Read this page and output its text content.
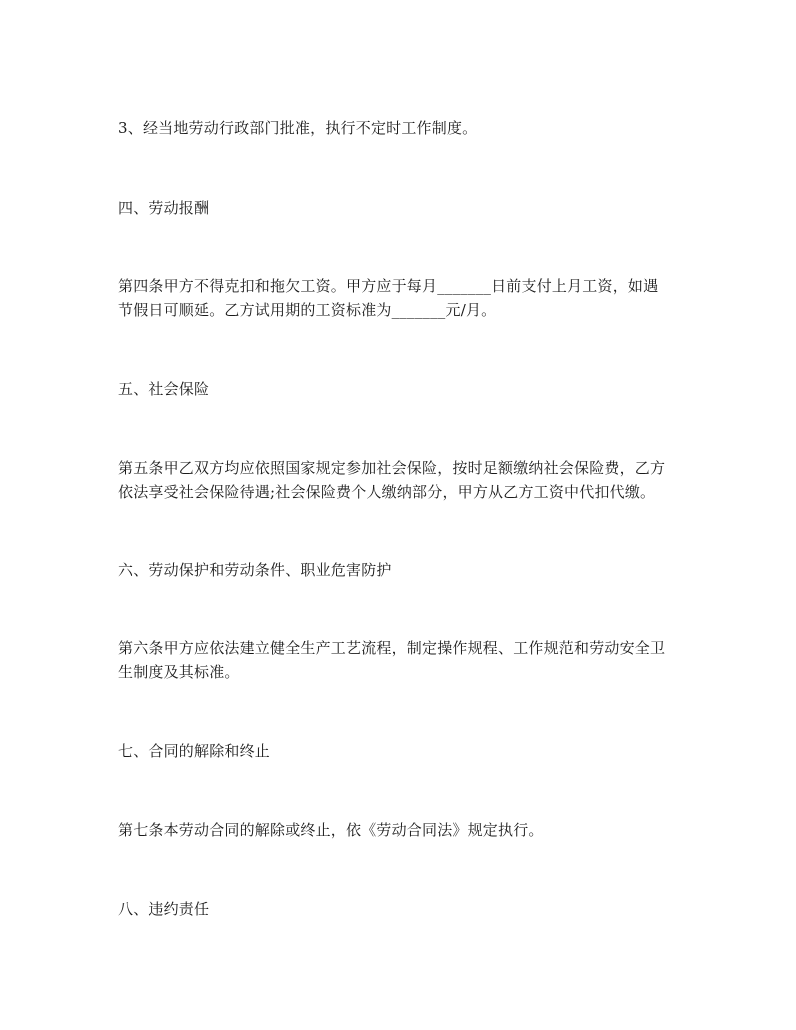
3、经当地劳动行政部门批准，执行不定时工作制度。

四、劳动报酬

第四条甲方不得克扣和拖欠工资。甲方应于每月_______日前支付上月工资，如遇

节假日可顺延。乙方试用期的工资标准为_______元/月。

五、社会保险

第五条甲乙双方均应依照国家规定参加社会保险，按时足额缴纳社会保险费，乙方

依法享受社会保险待遇;社会保险费个人缴纳部分，甲方从乙方工资中代扣代缴。

六、劳动保护和劳动条件、职业危害防护

第六条甲方应依法建立健全生产工艺流程，制定操作规程、工作规范和劳动安全卫

生制度及其标准。

七、合同的解除和终止

第七条本劳动合同的解除或终止，依《劳动合同法》规定执行。

八、违约责任
